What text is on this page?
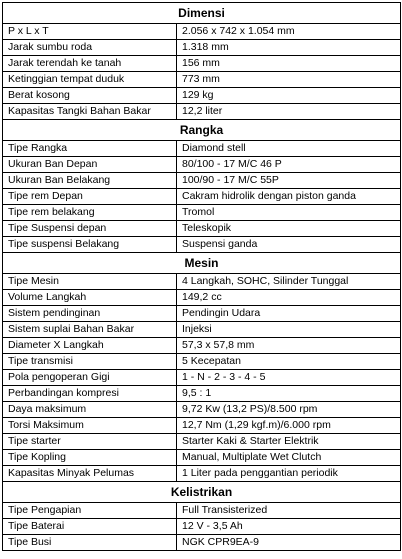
Dimensi	
P x L x T	2.056 x 742 x 1.054 mm
Jarak sumbu roda	1.318 mm
Jarak terendah ke tanah	156 mm
Ketinggian tempat duduk	773 mm
Berat kosong	129 kg
Kapasitas Tangki Bahan Bakar	12,2 liter
Rangka	
Tipe Rangka	Diamond stell
Ukuran Ban Depan	80/100 - 17 M/C 46 P
Ukuran Ban Belakang	100/90 - 17 M/C 55P
Tipe rem Depan	Cakram hidrolik dengan piston ganda
Tipe rem belakang	Tromol
Tipe Suspensi depan	Teleskopik
Tipe suspensi Belakang	Suspensi ganda
Mesin	
Tipe Mesin	4 Langkah, SOHC, Silinder Tunggal
Volume Langkah	149,2 cc
Sistem pendinginan	Pendingin Udara
Sistem suplai Bahan Bakar	Injeksi
Diameter X Langkah	57,3 x 57,8 mm
Tipe transmisi	5 Kecepatan
Pola pengoperan Gigi	1 - N - 2 - 3 - 4 - 5
Perbandingan kompresi	9,5 : 1
Daya maksimum	9,72 Kw (13,2 PS)/8.500 rpm
Torsi Maksimum	12,7 Nm (1,29 kgf.m)/6.000 rpm
Tipe starter	Starter Kaki & Starter Elektrik
Tipe Kopling	Manual, Multiplate Wet Clutch
Kapasitas Minyak Pelumas	1 Liter pada penggantian periodik
Kelistrikan	
Tipe Pengapian	Full Transisterized
Tipe Baterai	12 V - 3,5 Ah
Tipe Busi	NGK CPR9EA-9
